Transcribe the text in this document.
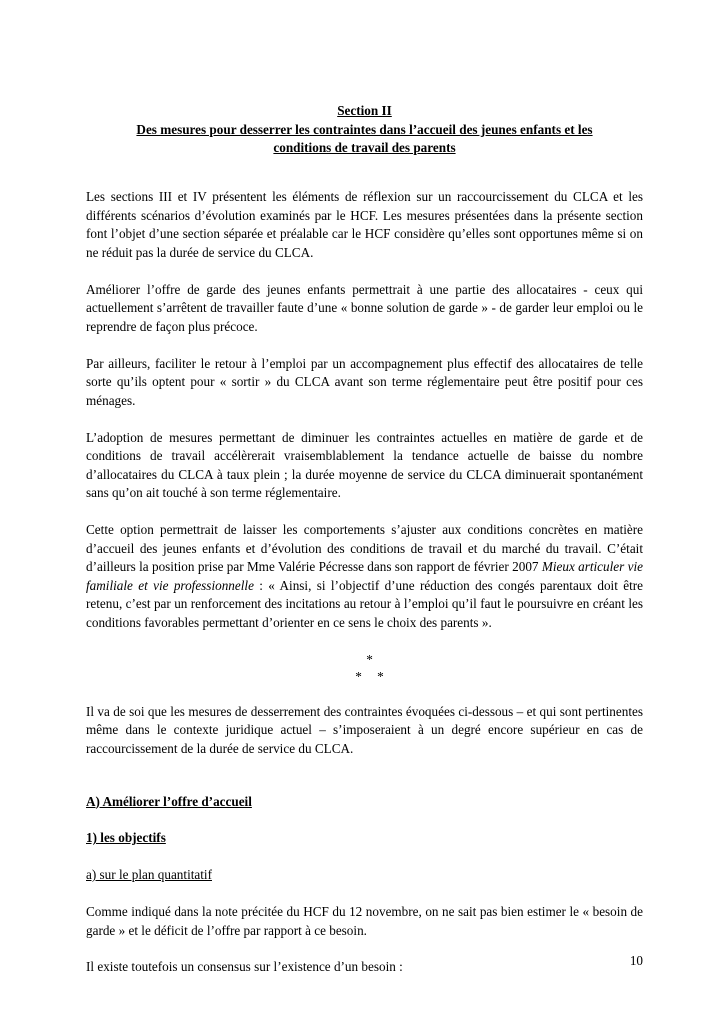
Section II
Des mesures pour desserrer les contraintes dans l’accueil des jeunes enfants et les
conditions de travail des parents

Les sections III et IV présentent les éléments de réflexion sur un raccourcissement du CLCA et les différents scénarios d’évolution examinés par le HCF. Les mesures présentées dans la présente section font l’objet d’une section séparée et préalable car le HCF considère qu’elles sont opportunes même si on ne réduit pas la durée de service du CLCA.

Améliorer l’offre de garde des jeunes enfants permettrait à une partie des allocataires - ceux qui actuellement s’arrêtent de travailler faute d’une « bonne solution de garde » - de garder leur emploi ou le reprendre de façon plus précoce.

Par ailleurs, faciliter le retour à l’emploi par un accompagnement plus effectif des allocataires de telle sorte qu’ils optent pour « sortir » du CLCA avant son terme réglementaire peut être positif pour ces ménages.

L’adoption de mesures permettant de diminuer les contraintes actuelles en matière de garde et de conditions de travail accélèrerait vraisemblablement la tendance actuelle de baisse du nombre d’allocataires du CLCA à taux plein ; la durée moyenne de service du CLCA diminuerait spontanément sans qu’on ait touché à son terme réglementaire.

Cette option permettrait de laisser les comportements s’ajuster aux conditions concrètes en matière d’accueil des jeunes enfants et d’évolution des conditions de travail et du marché du travail. C’était d’ailleurs la position prise par Mme Valérie Pécresse dans son rapport de février 2007 Mieux articuler vie familiale et vie professionnelle : « Ainsi, si l’objectif d’une réduction des congés parentaux doit être retenu, c’est par un renforcement des incitations au retour à l’emploi qu’il faut le poursuivre en créant les conditions favorables permettant d’orienter en ce sens le choix des parents ».

*
* *

Il va de soi que les mesures de desserrement des contraintes évoquées ci-dessous – et qui sont pertinentes même dans le contexte juridique actuel – s’imposeraient à un degré encore supérieur en cas de raccourcissement de la durée de service du CLCA.

A) Améliorer l’offre d’accueil

1) les objectifs

a) sur le plan quantitatif

Comme indiqué dans la note précitée du HCF du 12 novembre, on ne sait pas bien estimer le « besoin de garde » et le déficit de l’offre par rapport à ce besoin.

Il existe toutefois un consensus sur l’existence d’un besoin :	10
